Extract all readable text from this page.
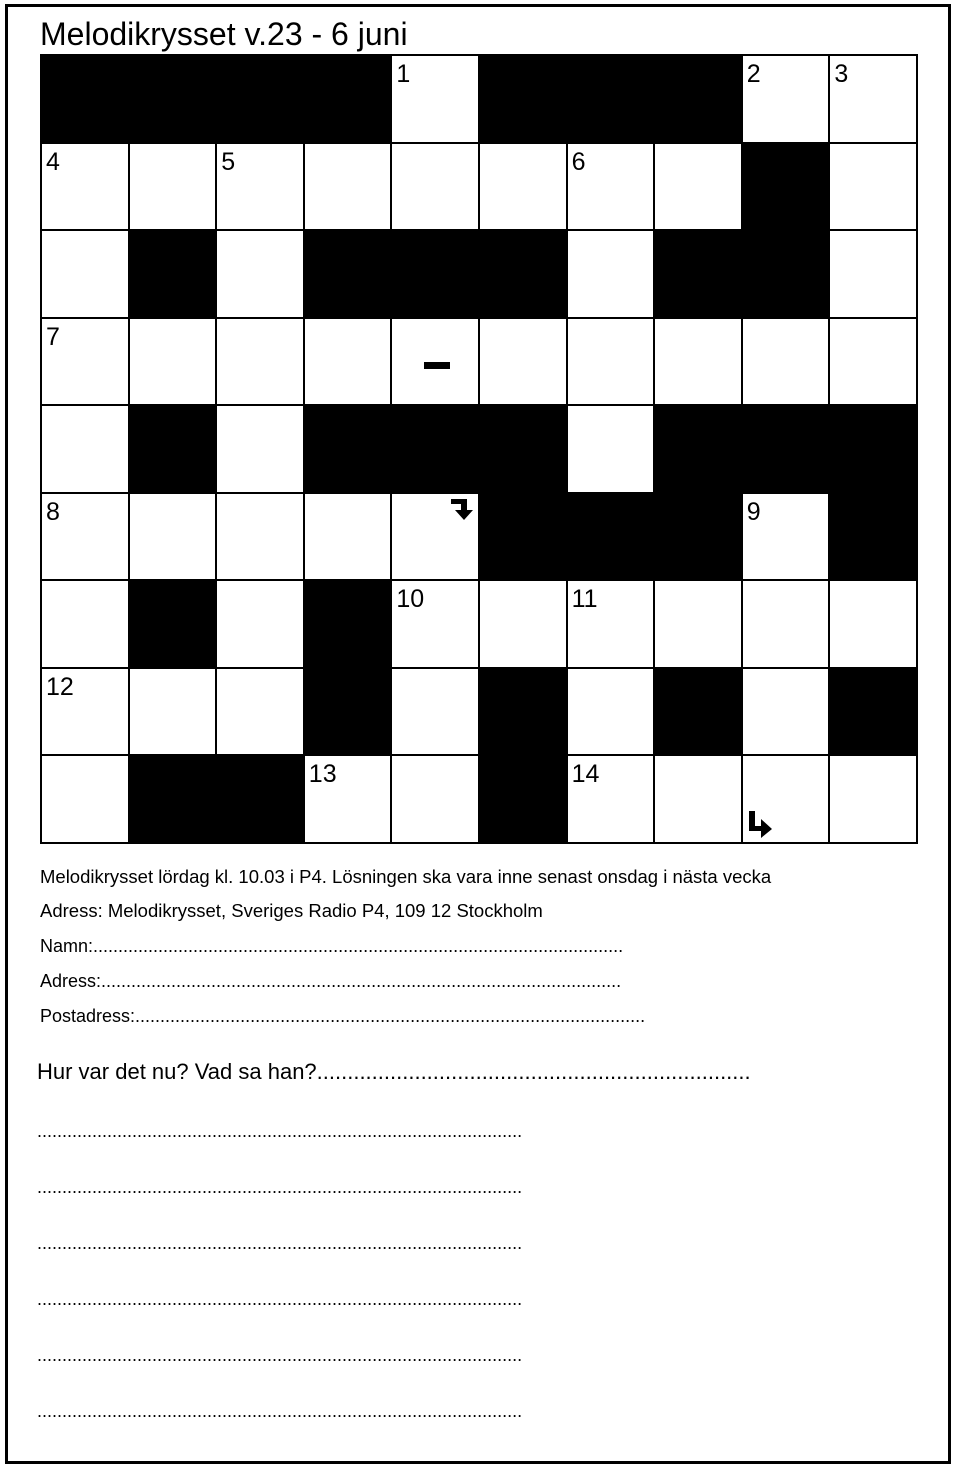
Melodikrysset v.23 - 6 juni
1	2	3
4	5	6
7
8	9
10	11
12
13	14
Melodikrysset lördag kl. 10.03 i P4. Lösningen ska vara inne senast onsdag i nästa vecka
Adress: Melodikrysset, Sveriges Radio P4, 109 12 Stockholm
Namn:..........................................................................................................
Adress:........................................................................................................
Postadress:......................................................................................................
Hur var det nu? Vad sa han?.......................................................................
.................................................................................................
.................................................................................................
.................................................................................................
.................................................................................................
.................................................................................................
.................................................................................................
